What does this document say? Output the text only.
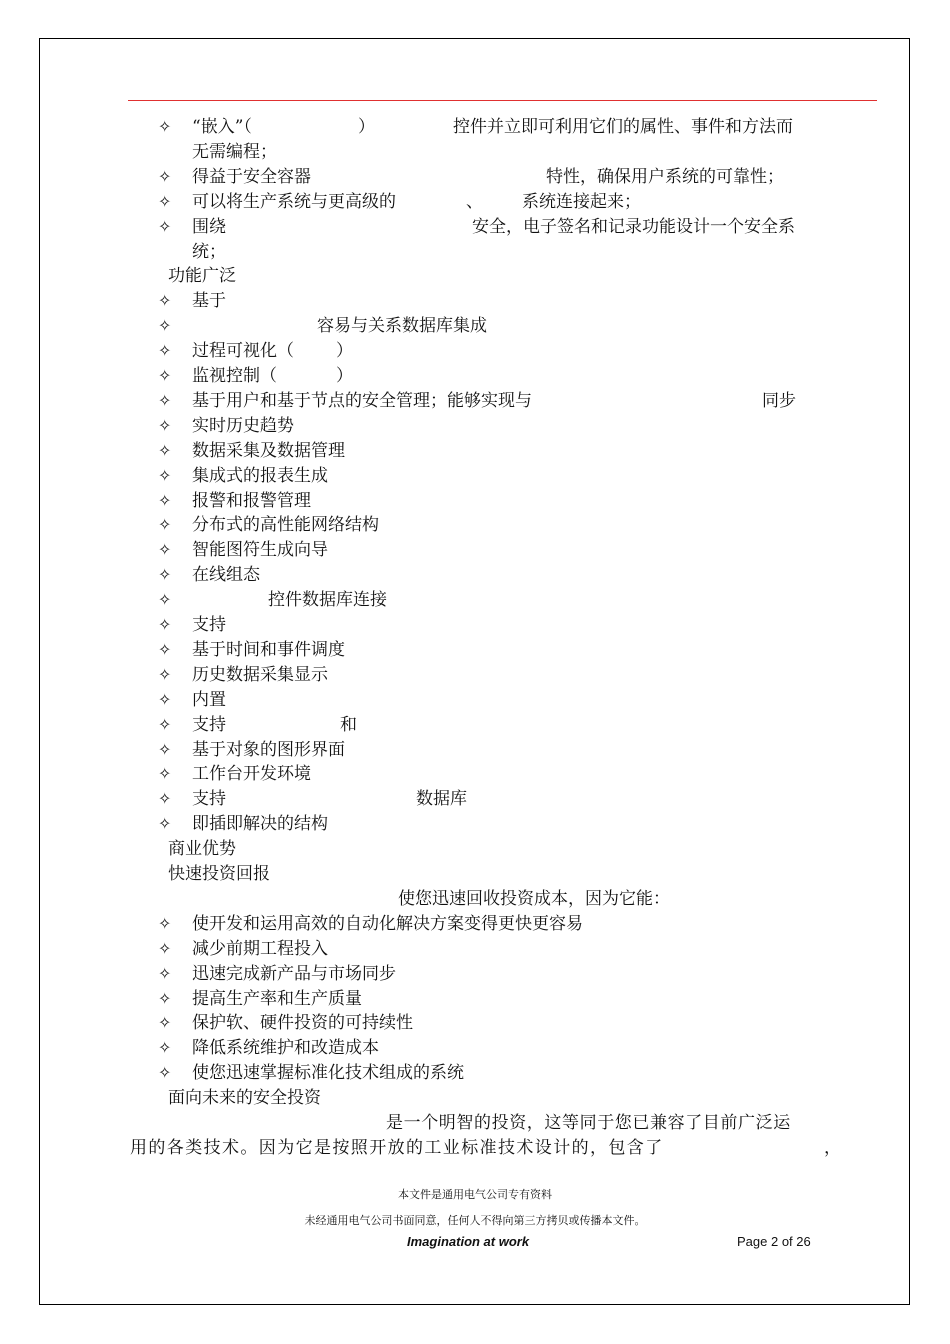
✧ “嵌入”（	）	控件并立即可利用它们的属性、事件和方法而
无需编程；
✧ 得益于安全容器	特性，确保用户系统的可靠性；
✧ 可以将生产系统与更高级的	、 系统连接起来；
✧ 围绕	安全，电子签名和记录功能设计一个安全系
统；
功能广泛
✧ 基于
✧	容易与关系数据库集成
✧ 过程可视化（ ）
✧ 监视控制（	）
✧ 基于用户和基于节点的安全管理；能够实现与	同步
✧ 实时历史趋势
✧ 数据采集及数据管理
✧ 集成式的报表生成
✧ 报警和报警管理
✧ 分布式的高性能网络结构
✧ 智能图符生成向导
✧ 在线组态
✧	控件数据库连接
✧ 支持
✧ 基于时间和事件调度
✧ 历史数据采集显示
✧ 内置
✧ 支持	和
✧ 基于对象的图形界面
✧ 工作台开发环境
✧ 支持	数据库
✧ 即插即解决的结构
商业优势
快速投资回报
使您迅速回收投资成本，因为它能：
✧ 使开发和运用高效的自动化解决方案变得更快更容易
✧ 减少前期工程投入
✧ 迅速完成新产品与市场同步
✧ 提高生产率和生产质量
✧ 保护软、硬件投资的可持续性
✧ 降低系统维护和改造成本
✧ 使您迅速掌握标准化技术组成的系统
面向未来的安全投资
是一个明智的投资，这等同于您已兼容了目前广泛运
用的各类技术。因为它是按照开放的工业标准技术设计的，包含了	，
本文件是通用电气公司专有资料
未经通用电气公司书面同意，任何人不得向第三方拷贝或传播本文件。
Imagination at work	Page 2 of 26
